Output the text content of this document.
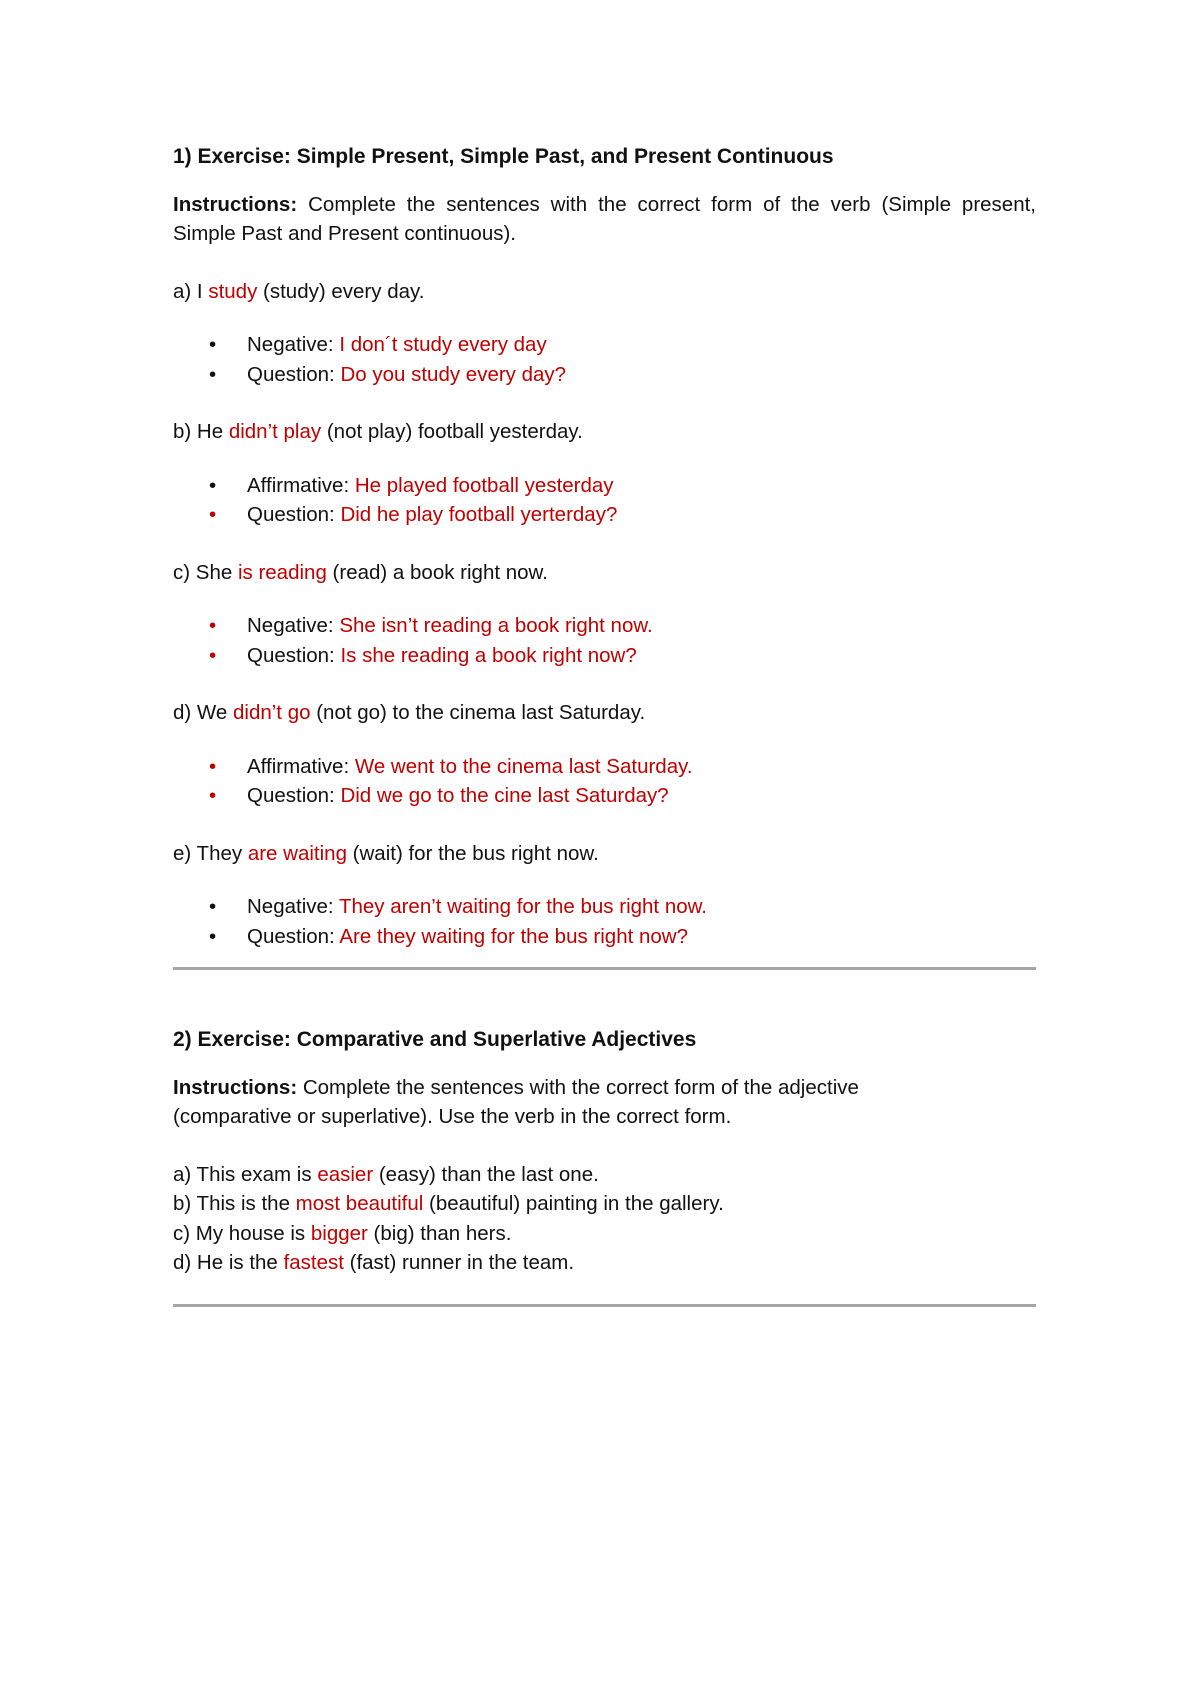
1) Exercise: Simple Present, Simple Past, and Present Continuous
Instructions: Complete the sentences with the correct form of the verb (Simple present, Simple Past and Present continuous).
a) I study (study) every day.
• Negative: I don´t study every day
• Question: Do you study every day?
b) He didn’t play (not play) football yesterday.
• Affirmative: He played football yesterday
• Question: Did he play football yerterday?
c) She is reading (read) a book right now.
• Negative: She isn’t reading a book right now.
• Question: Is she reading a book right now?
d) We didn’t go (not go) to the cinema last Saturday.
• Affirmative: We went to the cinema last Saturday.
• Question: Did we go to the cine last Saturday?
e) They are waiting (wait) for the bus right now.
• Negative: They aren’t waiting for the bus right now.
• Question: Are they waiting for the bus right now?
2) Exercise: Comparative and Superlative Adjectives
Instructions: Complete the sentences with the correct form of the adjective (comparative or superlative). Use the verb in the correct form.
a) This exam is easier (easy) than the last one.
b) This is the most beautiful (beautiful) painting in the gallery.
c) My house is bigger (big) than hers.
d) He is the fastest (fast) runner in the team.
